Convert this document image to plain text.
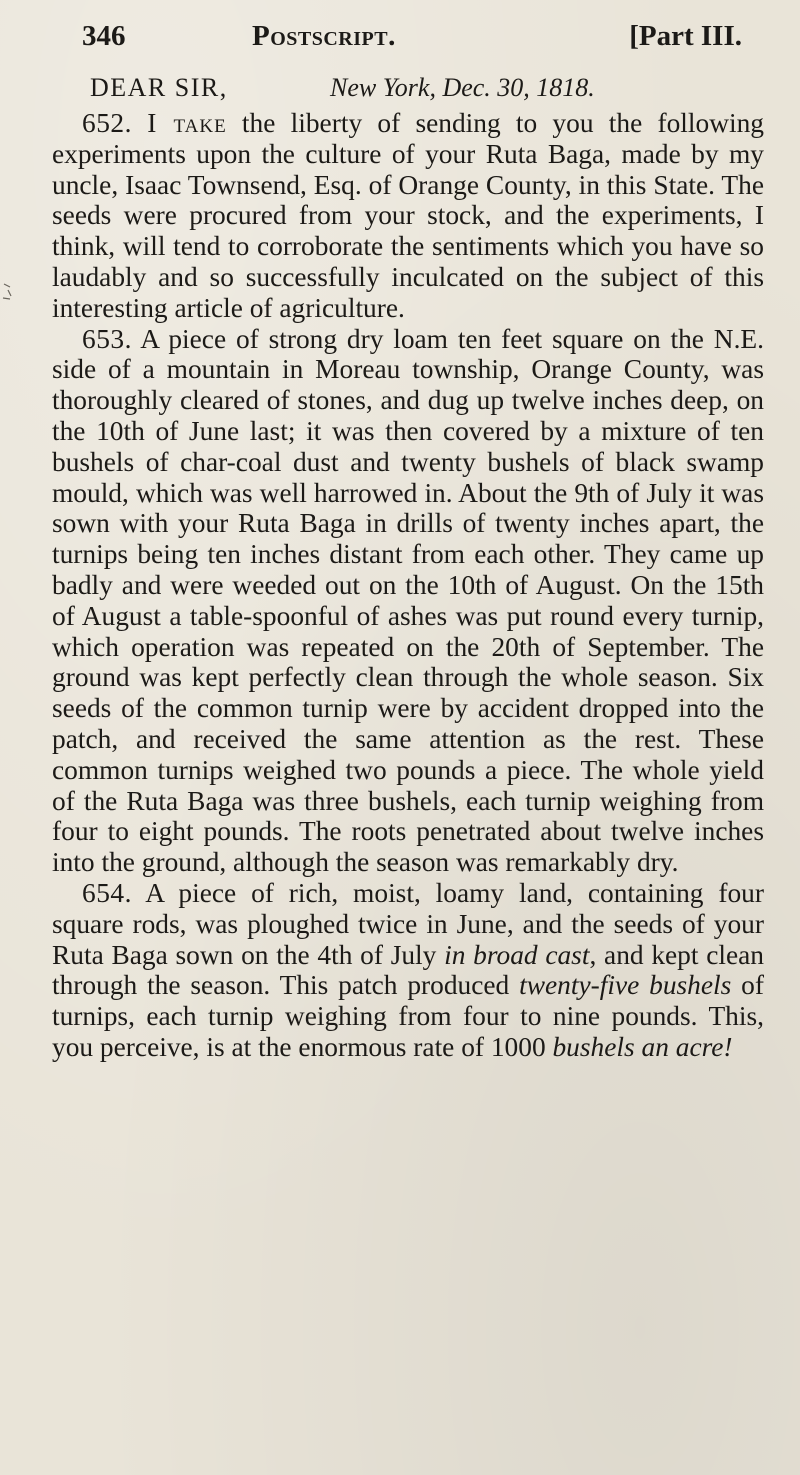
346	Postscript.	[Part III.
DEAR SIR,	New York, Dec. 30, 1818.

652. I take the liberty of sending to you the following experiments upon the culture of your Ruta Baga, made by my uncle, Isaac Townsend, Esq. of Orange County, in this State. The seeds were procured from your stock, and the experiments, I think, will tend to corroborate the sentiments which you have so laudably and so successfully inculcated on the subject of this interesting article of agriculture.

653. A piece of strong dry loam ten feet square on the N.E. side of a mountain in Moreau township, Orange County, was thoroughly cleared of stones, and dug up twelve inches deep, on the 10th of June last; it was then covered by a mixture of ten bushels of char-coal dust and twenty bushels of black swamp mould, which was well harrowed in. About the 9th of July it was sown with your Ruta Baga in drills of twenty inches apart, the turnips being ten inches distant from each other. They came up badly and were weeded out on the 10th of August. On the 15th of August a table-spoonful of ashes was put round every turnip, which operation was repeated on the 20th of September. The ground was kept perfectly clean through the whole season. Six seeds of the common turnip were by accident dropped into the patch, and received the same attention as the rest. These common turnips weighed two pounds a piece. The whole yield of the Ruta Baga was three bushels, each turnip weighing from four to eight pounds. The roots penetrated about twelve inches into the ground, although the season was remarkably dry.

654. A piece of rich, moist, loamy land, containing four square rods, was ploughed twice in June, and the seeds of your Ruta Baga sown on the 4th of July in broad cast, and kept clean through the season. This patch produced twenty-five bushels of turnips, each turnip weighing from four to nine pounds. This, you perceive, is at the enormous rate of 1000 bushels an acre!
